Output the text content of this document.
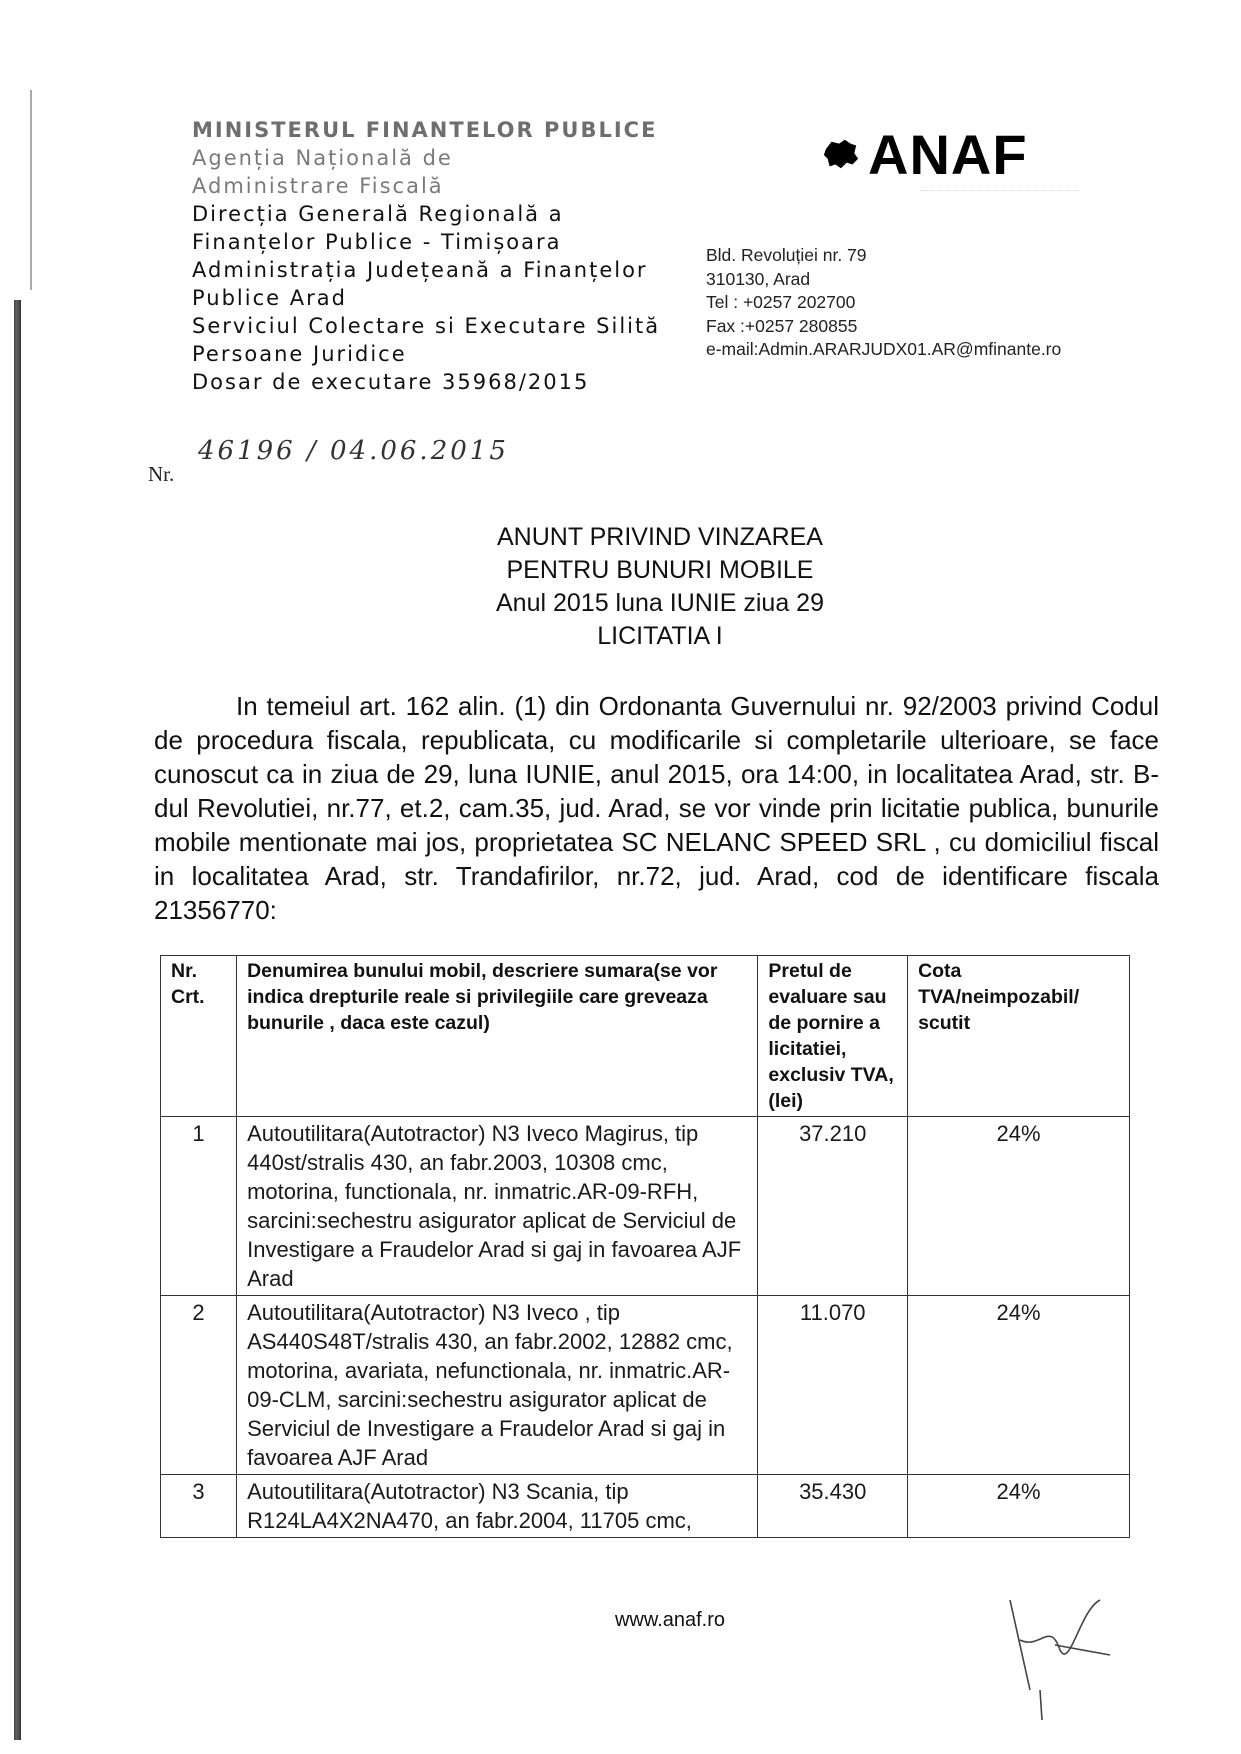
MINISTERUL FINANTELOR PUBLICE
Agenția Națională de
Administrare Fiscală
Direcția Generală Regională a
Finanțelor Publice - Timișoara
Administrația Județeană a Finanțelor
Publice Arad
Serviciul Colectare si Executare Silită
Persoane Juridice
Dosar de executare 35968/2015
ANAF
Bld. Revoluției nr. 79
310130, Arad
Tel : +0257 202700
Fax :+0257 280855
e-mail:Admin.ARARJUDX01.AR@mfinante.ro
Nr.
46196 / 04.06.2015
ANUNT PRIVIND VINZAREA
PENTRU BUNURI MOBILE
Anul 2015 luna IUNIE ziua 29
LICITATIA I

In temeiul art. 162 alin. (1) din Ordonanta Guvernului nr. 92/2003 privind Codul de procedura fiscala, republicata, cu modificarile si completarile ulterioare, se face cunoscut ca in ziua de 29, luna IUNIE, anul 2015, ora 14:00, in localitatea Arad, str. B-dul Revolutiei, nr.77, et.2, cam.35, jud. Arad, se vor vinde prin licitatie publica, bunurile mobile mentionate mai jos, proprietatea SC NELANC SPEED SRL , cu domiciliul fiscal in localitatea Arad, str. Trandafirilor, nr.72, jud. Arad, cod de identificare fiscala 21356770:

Nr. Crt.	Denumirea bunului mobil, descriere sumara(se vor indica drepturile reale si privilegiile care greveaza bunurile , daca este cazul)	Pretul de evaluare sau de pornire a licitatiei, exclusiv TVA, (lei)	Cota TVA/neimpozabil/ scutit
1	Autoutilitara(Autotractor) N3 Iveco Magirus, tip 440st/stralis 430, an fabr.2003, 10308 cmc, motorina, functionala, nr. inmatric.AR-09-RFH, sarcini:sechestru asigurator aplicat de Serviciul de Investigare a Fraudelor Arad si gaj in favoarea AJF Arad	37.210	24%
2	Autoutilitara(Autotractor) N3 Iveco , tip AS440S48T/stralis 430, an fabr.2002, 12882 cmc, motorina, avariata, nefunctionala, nr. inmatric.AR-09-CLM, sarcini:sechestru asigurator aplicat de Serviciul de Investigare a Fraudelor Arad si gaj in favoarea AJF Arad	11.070	24%
3	Autoutilitara(Autotractor) N3 Scania, tip R124LA4X2NA470, an fabr.2004, 11705 cmc,	35.430	24%
www.anaf.ro
